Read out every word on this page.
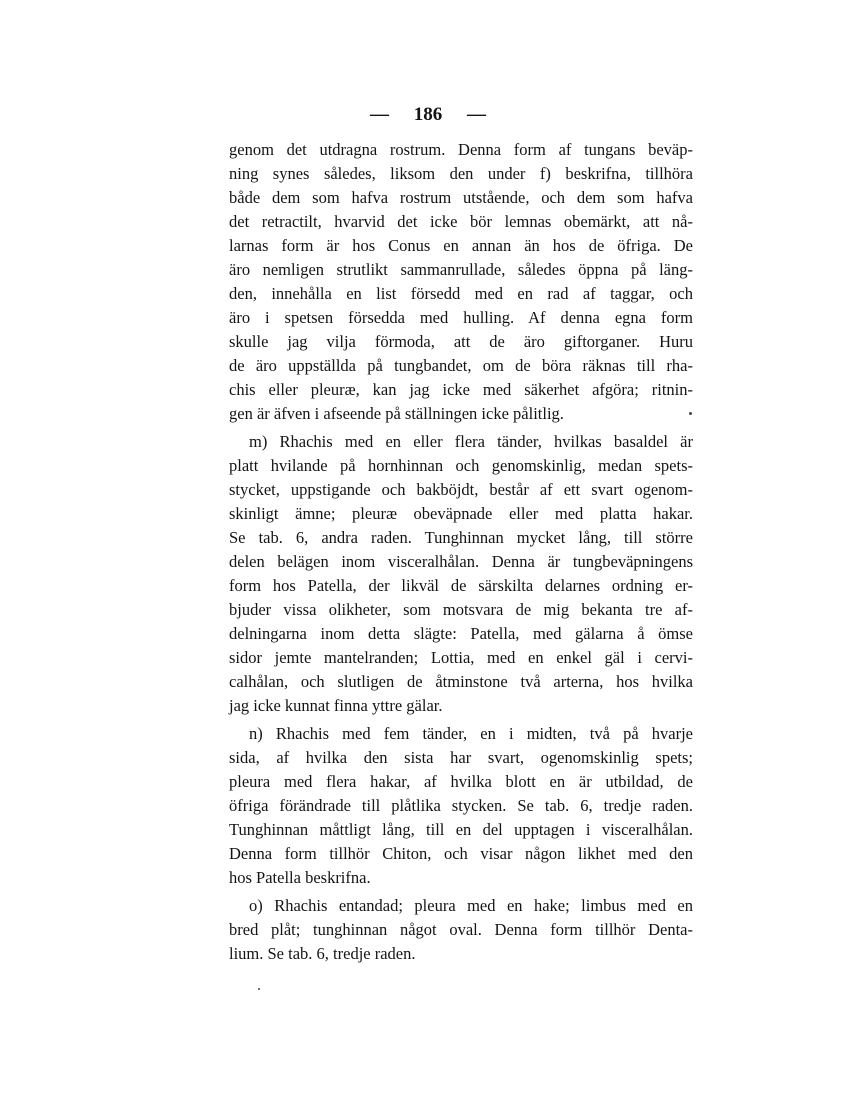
— 186 —
genom det utdragna rostrum. Denna form af tungans beväp-
ning synes således, liksom den under f) beskrifna, tillhöra
både dem som hafva rostrum utstående, och dem som hafva
det retractilt, hvarvid det icke bör lemnas obemärkt, att nå-
larnas form är hos Conus en annan än hos de öfriga. De
äro nemligen strutlikt sammanrullade, således öppna på läng-
den, innehålla en list försedd med en rad af taggar, och
äro i spetsen försedda med hulling. Af denna egna form
skulle jag vilja förmoda, att de äro giftorganer. Huru
de äro uppställda på tungbandet, om de böra räknas till rha-
chis eller pleuræ, kan jag icke med säkerhet afgöra; ritnin-
gen är äfven i afseende på ställningen icke pålitlig.
m) Rhachis med en eller flera tänder, hvilkas basaldel är
platt hvilande på hornhinnan och genomskinlig, medan spets-
stycket, uppstigande och bakböjdt, består af ett svart ogenom-
skinligt ämne; pleuræ obeväpnade eller med platta hakar.
Se tab. 6, andra raden. Tunghinnan mycket lång, till större
delen belägen inom visceralhålan. Denna är tungbeväpningens
form hos Patella, der likväl de särskilta delarnes ordning er-
bjuder vissa olikheter, som motsvara de mig bekanta tre af-
delningarna inom detta slägte: Patella, med gälarna å ömse
sidor jemte mantelranden; Lottia, med en enkel gäl i cervi-
calhålan, och slutligen de åtminstone två arterna, hos hvilka
jag icke kunnat finna yttre gälar.
n) Rhachis med fem tänder, en i midten, två på hvarje
sida, af hvilka den sista har svart, ogenomskinlig spets;
pleura med flera hakar, af hvilka blott en är utbildad, de
öfriga förändrade till plåtlika stycken. Se tab. 6, tredje raden.
Tunghinnan måttligt lång, till en del upptagen i visceralhålan.
Denna form tillhör Chiton, och visar någon likhet med den
hos Patella beskrifna.
o) Rhachis entandad; pleura med en hake; limbus med en
bred plåt; tunghinnan något oval. Denna form tillhör Denta-
lium. Se tab. 6, tredje raden.
